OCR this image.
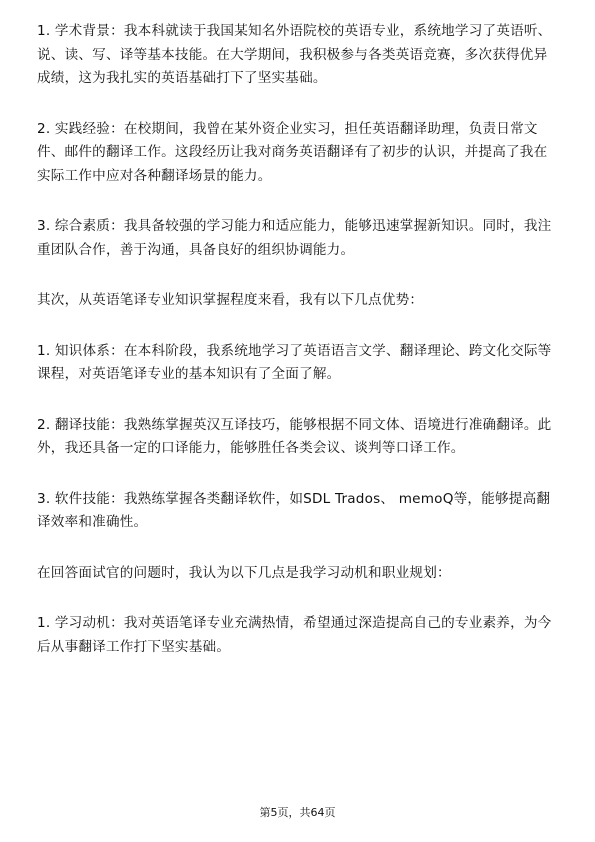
1. 学术背景：我本科就读于我国某知名外语院校的英语专业，系统地学习了英语听、说、读、写、译等基本技能。在大学期间，我积极参与各类英语竞赛，多次获得优异成绩，这为我扎实的英语基础打下了坚实基础。

2. 实践经验：在校期间，我曾在某外资企业实习，担任英语翻译助理，负责日常文件、邮件的翻译工作。这段经历让我对商务英语翻译有了初步的认识，并提高了我在实际工作中应对各种翻译场景的能力。

3. 综合素质：我具备较强的学习能力和适应能力，能够迅速掌握新知识。同时，我注重团队合作，善于沟通，具备良好的组织协调能力。

其次，从英语笔译专业知识掌握程度来看，我有以下几点优势：

1. 知识体系：在本科阶段，我系统地学习了英语语言文学、翻译理论、跨文化交际等课程，对英语笔译专业的基本知识有了全面了解。

2. 翻译技能：我熟练掌握英汉互译技巧，能够根据不同文体、语境进行准确翻译。此外，我还具备一定的口译能力，能够胜任各类会议、谈判等口译工作。

3. 软件技能：我熟练掌握各类翻译软件，如SDL Trados、 memoQ等，能够提高翻译效率和准确性。

在回答面试官的问题时，我认为以下几点是我学习动机和职业规划：

1. 学习动机：我对英语笔译专业充满热情，希望通过深造提高自己的专业素养，为今后从事翻译工作打下坚实基础。

第5页，共64页
